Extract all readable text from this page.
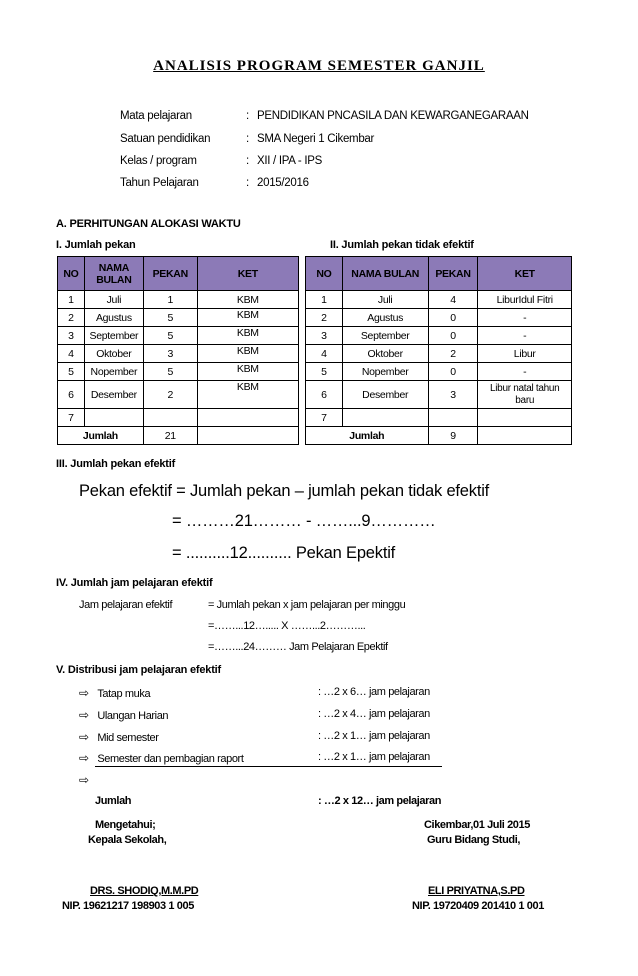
ANALISIS PROGRAM SEMESTER GANJIL
Mata pelajaran	: PENDIDIKAN PNCASILA DAN KEWARGANEGARAAN
Satuan pendidikan	: SMA Negeri 1 Cikembar
Kelas / program	: XII / IPA - IPS
Tahun Pelajaran	: 2015/2016
A. PERHITUNGAN ALOKASI WAKTU
I. Jumlah pekan	II. Jumlah pekan tidak efektif
NO	NAMA BULAN	PEKAN	KET
1	Juli	1	KBM
2	Agustus	5	KBM
3	September	5	KBM
4	Oktober	3	KBM
5	Nopember	5	KBM
6	Desember	2	KBM
7			
Jumlah		21	
NO	NAMA BULAN	PEKAN	KET
1	Juli	4	LiburIdul Fitri
2	Agustus	0	-
3	September	0	-
4	Oktober	2	Libur
5	Nopember	0	-
6	Desember	3	Libur natal tahun baru
7			
Jumlah		9	
III. Jumlah pekan efektif
Pekan efektif = Jumlah pekan – jumlah pekan tidak efektif
= ………21……… - ……...9…………
= ..........12.......... Pekan Epektif
IV. Jumlah jam pelajaran efektif
Jam pelajaran efektif	= Jumlah pekan x jam pelajaran per minggu
=……...12…..... X ……...2………...
=……...24……… Jam Pelajaran Epektif
V. Distribusi jam pelajaran efektif
⇨ Tatap muka	: …2 x 6… jam pelajaran
⇨ Ulangan Harian	: …2 x 4… jam pelajaran
⇨ Mid semester	: …2 x 1… jam pelajaran
⇨ Semester dan pembagian raport	: …2 x 1… jam pelajaran
⇨
Jumlah	: …2 x 12… jam pelajaran
Mengetahui;
Kepala Sekolah,
DRS. SHODIQ,M.M.PD
NIP. 19621217 198903 1 005
Cikembar,01 Juli 2015
Guru Bidang Studi,
ELI PRIYATNA,S.PD
NIP. 19720409 201410 1 001
